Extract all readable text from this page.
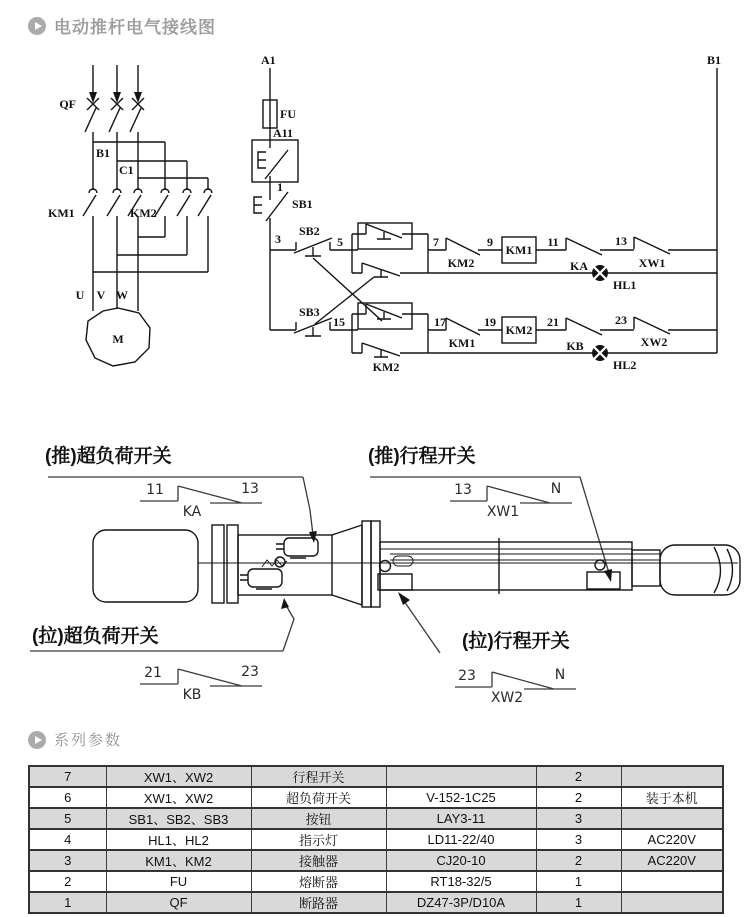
电动推杆电气接线图
QF
B1
C1
KM1	KM2
U V W
M
A1	B1
FU
A11
1
SB1
3
SB2
5	7
KM2
9
KM1
11
KA
13
XW1
HL1
SB3
15	17
KM1
19
KM2
21
KB
23
XW2
HL2
KM2
(推)超负荷开关	(推)行程开关
(拉)超负荷开关	(拉)行程开关
11	13
KA
13	N
XW1
21	23
KB
23	N
XW2
系列参数
7	XW1、XW2	行程开关		2	
6	XW1、XW2	超负荷开关	V-152-1C25	2	装于本机
5	SB1、SB2、SB3	按钮	LAY3-11	3	
4	HL1、HL2	指示灯	LD11-22/40	3	AC220V
3	KM1、KM2	接触器	CJ20-10	2	AC220V
2	FU	熔断器	RT18-32/5	1	
1	QF	断路器	DZ47-3P/D10A	1	
